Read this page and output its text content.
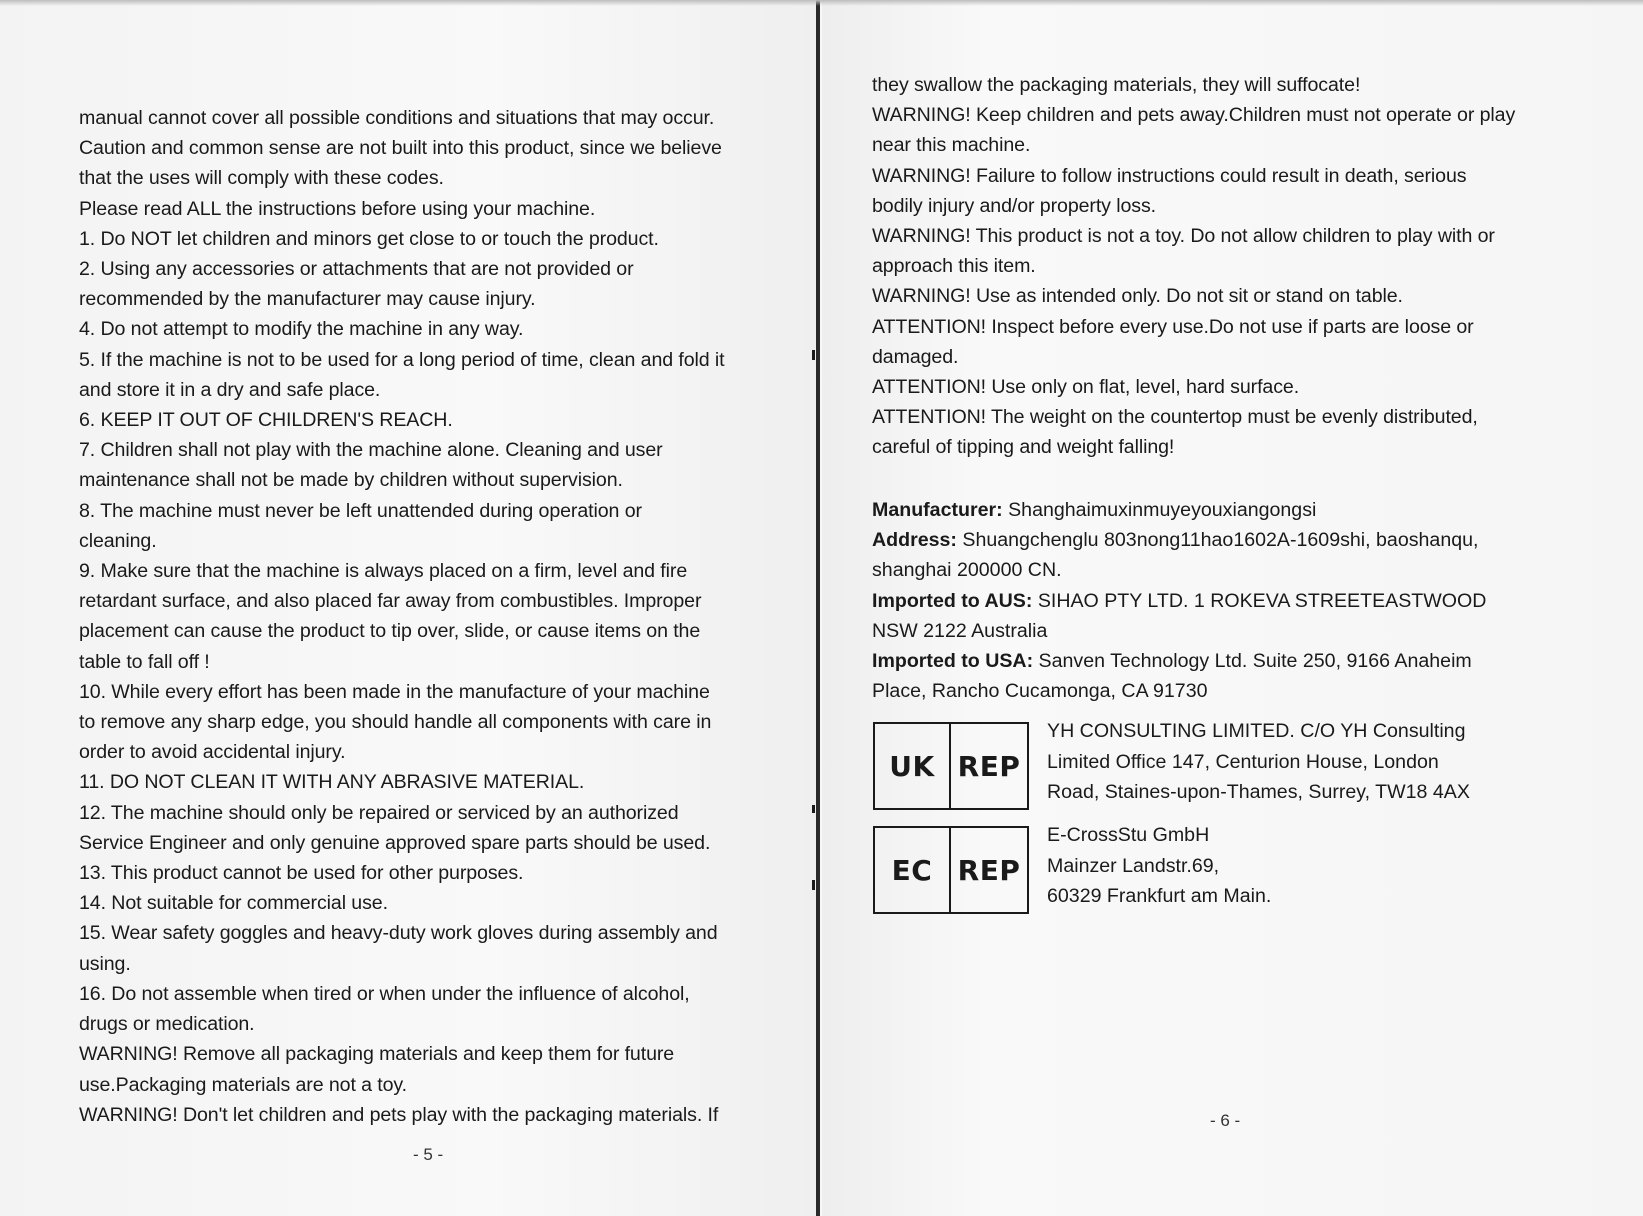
manual cannot cover all possible conditions and situations that may occur.
Caution and common sense are not built into this product, since we believe
that the uses will comply with these codes.
Please read ALL the instructions before using your machine.
1. Do NOT let children and minors get close to or touch the product.
2. Using any accessories or attachments that are not provided or
recommended by the manufacturer may cause injury.
4. Do not attempt to modify the machine in any way.
5. If the machine is not to be used for a long period of time, clean and fold it
and store it in a dry and safe place.
6. KEEP IT OUT OF CHILDREN'S REACH.
7. Children shall not play with the machine alone. Cleaning and user
maintenance shall not be made by children without supervision.
8. The machine must never be left unattended during operation or
cleaning.
9. Make sure that the machine is always placed on a firm, level and fire
retardant surface, and also placed far away from combustibles. Improper
placement can cause the product to tip over, slide, or cause items on the
table to fall off !
10. While every effort has been made in the manufacture of your machine
to remove any sharp edge, you should handle all components with care in
order to avoid accidental injury.
11. DO NOT CLEAN IT WITH ANY ABRASIVE MATERIAL.
12. The machine should only be repaired or serviced by an authorized
Service Engineer and only genuine approved spare parts should be used.
13. This product cannot be used for other purposes.
14. Not suitable for commercial use.
15. Wear safety goggles and heavy-duty work gloves during assembly and
using.
16. Do not assemble when tired or when under the influence of alcohol,
drugs or medication.
WARNING! Remove all packaging materials and keep them for future
use.Packaging materials are not a toy.
WARNING! Don't let children and pets play with the packaging materials. If
- 5 -
they swallow the packaging materials, they will suffocate!
WARNING! Keep children and pets away.Children must not operate or play
near this machine.
WARNING! Failure to follow instructions could result in death, serious
bodily injury and/or property loss.
WARNING! This product is not a toy. Do not allow children to play with or
approach this item.
WARNING! Use as intended only. Do not sit or stand on table.
ATTENTION! Inspect before every use.Do not use if parts are loose or
damaged.
ATTENTION! Use only on flat, level, hard surface.
ATTENTION! The weight on the countertop must be evenly distributed,
careful of tipping and weight falling!
Manufacturer: Shanghaimuxinmuyeyouxiangongsi
Address: Shuangchenglu 803nong11hao1602A-1609shi, baoshanqu,
shanghai 200000 CN.
Imported to AUS: SIHAO PTY LTD. 1 ROKEVA STREETEASTWOOD
NSW 2122 Australia
Imported to USA: Sanven Technology Ltd. Suite 250, 9166 Anaheim
Place, Rancho Cucamonga, CA 91730
UK REP
YH CONSULTING LIMITED. C/O YH Consulting
Limited Office 147, Centurion House, London
Road, Staines-upon-Thames, Surrey, TW18 4AX
EC REP
E-CrossStu GmbH
Mainzer Landstr.69,
60329 Frankfurt am Main.
- 6 -
